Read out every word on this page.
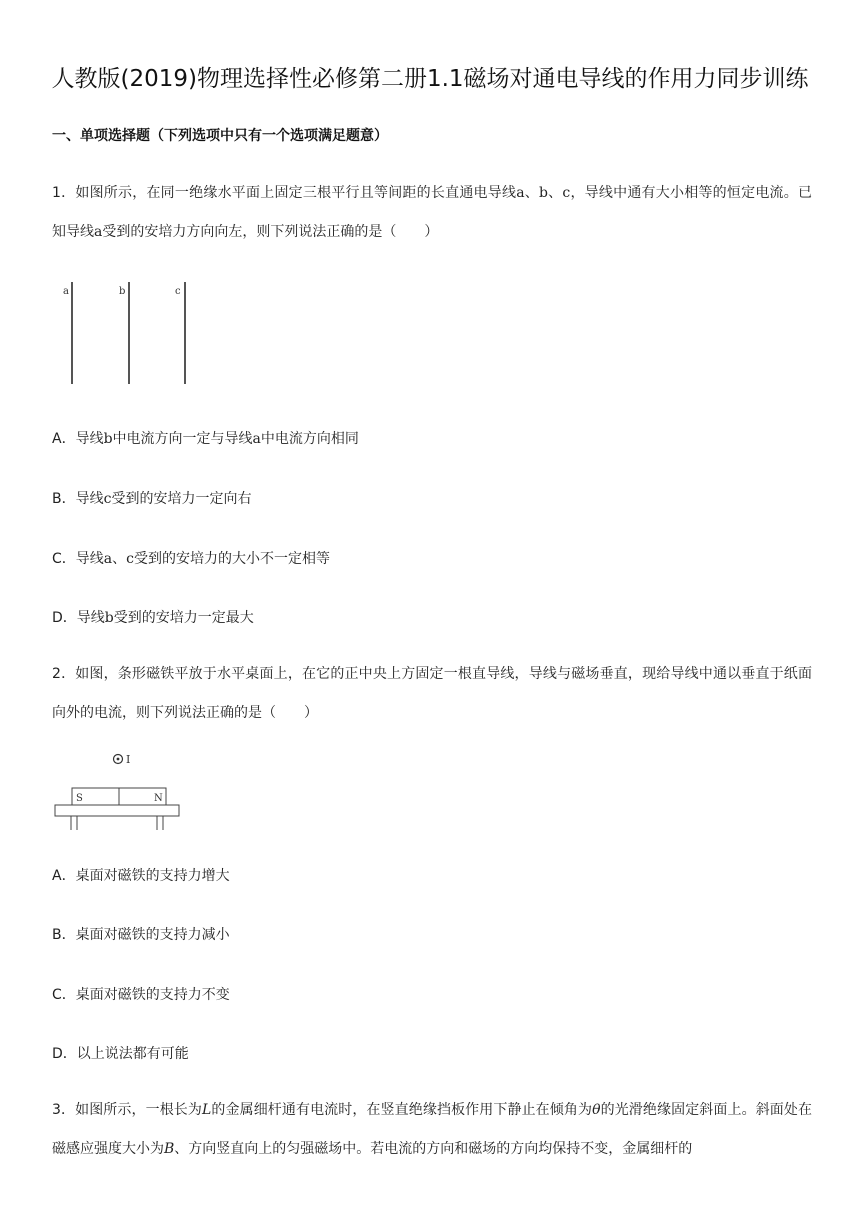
人教版(2019)物理选择性必修第二册1.1磁场对通电导线的作用力同步训练
一、单项选择题（下列选项中只有一个选项满足题意）
1．如图所示，在同一绝缘水平面上固定三根平行且等间距的长直通电导线a、b、c，导线中通有大小相等的恒定电流。已知导线a受到的安培力方向向左，则下列说法正确的是（　　）
a	b	c
A．导线b中电流方向一定与导线a中电流方向相同
B．导线c受到的安培力一定向右
C．导线a、c受到的安培力的大小不一定相等
D．导线b受到的安培力一定最大
2．如图，条形磁铁平放于水平桌面上，在它的正中央上方固定一根直导线，导线与磁场垂直，现给导线中通以垂直于纸面向外的电流，则下列说法正确的是（　　）
I
S	N
A．桌面对磁铁的支持力增大
B．桌面对磁铁的支持力减小
C．桌面对磁铁的支持力不变
D．以上说法都有可能
3．如图所示，一根长为L的金属细杆通有电流时，在竖直绝缘挡板作用下静止在倾角为θ的光滑绝缘固定斜面上。斜面处在磁感应强度大小为B、方向竖直向上的匀强磁场中。若电流的方向和磁场的方向均保持不变，金属细杆的
